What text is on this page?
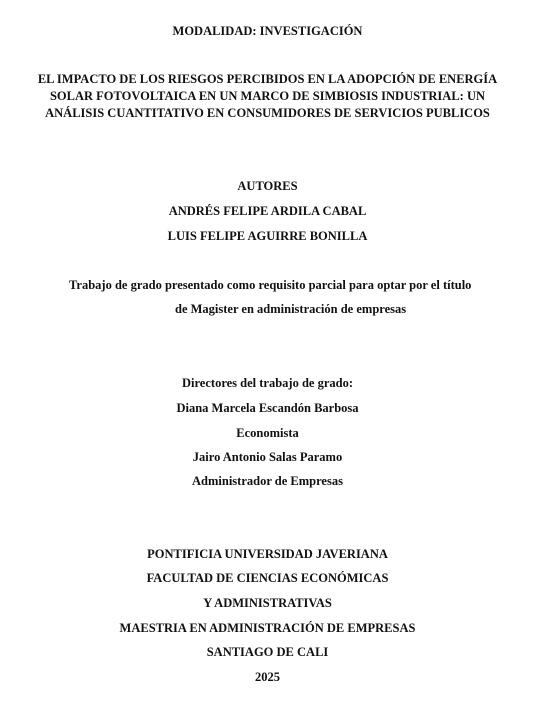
MODALIDAD: INVESTIGACIÓN
EL IMPACTO DE LOS RIESGOS PERCIBIDOS EN LA ADOPCIÓN DE ENERGÍA
SOLAR FOTOVOLTAICA EN UN MARCO DE SIMBIOSIS INDUSTRIAL: UN
ANÁLISIS CUANTITATIVO EN CONSUMIDORES DE SERVICIOS PUBLICOS
AUTORES
ANDRÉS FELIPE ARDILA CABAL
LUIS FELIPE AGUIRRE BONILLA
Trabajo de grado presentado como requisito parcial para optar por el título
de Magister en administración de empresas
Directores del trabajo de grado:
Diana Marcela Escandón Barbosa
Economista
Jairo Antonio Salas Paramo
Administrador de Empresas
PONTIFICIA UNIVERSIDAD JAVERIANA
FACULTAD DE CIENCIAS ECONÓMICAS
Y ADMINISTRATIVAS
MAESTRIA EN ADMINISTRACIÓN DE EMPRESAS
SANTIAGO DE CALI
2025
